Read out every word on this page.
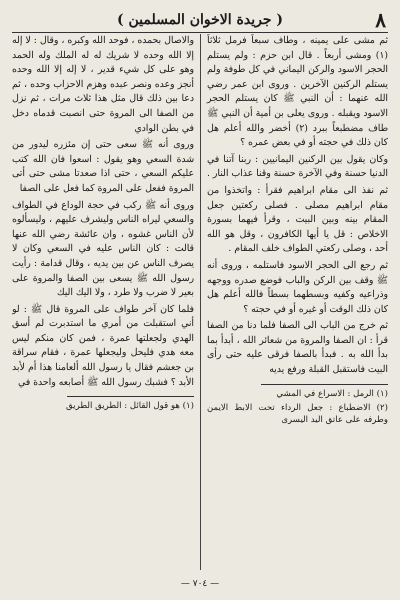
٨
( جريدة الاخوان المسلمين )

ثم مشى على يمينه ، وطاف سبعاً فرمل ثلاثاً (١) ومشى أربعاً . قال ابن حزم : ولم يستلم الحجر الاسود والركن اليماني في كل طوفة ولم يستلم الركنين الآخرين . وروى ابن عمر رضي الله عنهما : أن النبي ﷺ كان يستلم الحجر الاسود ويقبله . وروى يعلى بن أمية أن النبي ﷺ طاف مضطبعاً ببرد (٢) أخضر والله أعلم هل كان ذلك في حجته أو في بعض عمره ؟

وكان يقول بين الركنين اليمانيين : ربنا آتنا في الدنيا حسنة وفي الآخرة حسنة وقنا عذاب النار .

ثم نفذ الى مقام ابراهيم فقرأ : واتخذوا من مقام ابراهيم مصلى . فصلى ركعتين جعل المقام بينه وبين البيت ، وقرأ فيهما بسورة الاخلاص : قل يا أيها الكافرون ، وقل هو الله أحد ، وصلى ركعتي الطواف خلف المقام .

ثم رجع الى الحجر الاسود فاستلمه ، وروى أنه ﷺ وقف بين الركن والباب فوضع صدره ووجهه وذراعيه وكفيه وبسطهما بسطاً فالله أعلم هل كان ذلك الوقت أو غيره أو في حجته ؟

ثم خرج من الباب الى الصفا فلما دنا من الصفا قرأ : ان الصفا والمروة من شعائر الله ، أبدأ بما بدأ الله به . فبدأ بالصفا فرقى عليه حتى رأى البيت فاستقبل القبلة ورفع يديه

(١) الرمل : الاسراع في المشي

(٢) الاضطباع : جعل الرداء تحت الابط الايمن وطرفه على عاتق اليد اليسرى

والاصال بحمده ، فوحد الله وكبره ، وقال : لا إله إلا الله وحده لا شريك له له الملك وله الحمد وهو على كل شيء قدير ، لا إله إلا الله وحده أنجز وعده ونصر عبده وهزم الاحزاب وحده ، ثم دعا بين ذلك قال مثل هذا ثلاث مرات ، ثم نزل من الصفا الى المروة حتى انصبت قدماه دخل في بطن الوادي

وروى أنه ﷺ سعى حتى إن مئزره ليدور من شدة السعي وهو يقول : اسعوا فان الله كتب عليكم السعي ، حتى اذا صعدتا مشى حتى أتى المروة ففعل على المروة كما فعل على الصفا

وروى أنه ﷺ ركب في حجة الوداع في الطواف والسعي ليراه الناس وليشرف عليهم ، وليسألوه لأن الناس غشوه ، وان عائشة رضي الله عنها قالت : كان الناس عليه في السعي وكان لا يصرف الناس عن بين يديه ، وقال قدامة : رأيت رسول الله ﷺ يسعى بين الصفا والمروة على بعير لا ضرب ولا طرد ، ولا اليك اليك

فلما كان آخر طواف على المروة قال ﷺ : لو أني استقبلت من أمري ما استدبرت لم أسق الهدي ولجعلتها عمرة ، فمن كان منكم ليس معه هدي فليحل وليجعلها عمرة ، فقام سراقة بن جعشم فقال يا رسول الله ألعامنا هذا أم لأبد الأبد ؟ فشبك رسول الله ﷺ أصابعه واحدة في

(١) هو قول القائل : الطريق الطريق

— ٧٠٤ —
